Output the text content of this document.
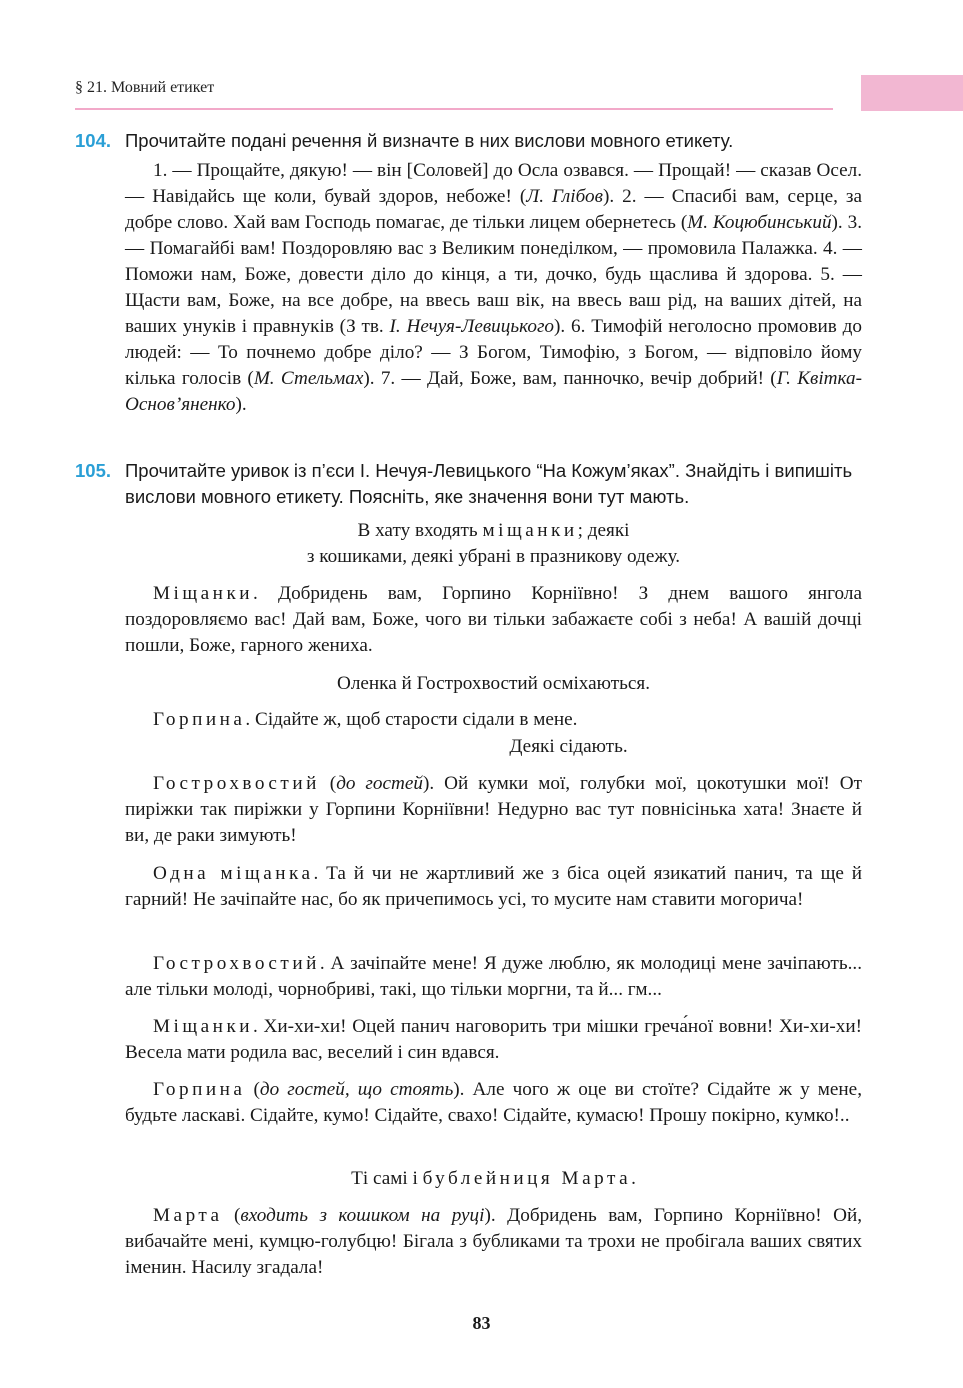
§ 21. Мовний етикет
104. Прочитайте подані речення й визначте в них вислови мовного етикету.

1. — Прощайте, дякую! — він [Соловей] до Осла озвався. — Прощай! — сказав Осел. — Навідайсь ще коли, бувай здоров, небоже! (Л. Глібов). 2. — Спасибі вам, серце, за добре слово. Хай вам Господь помагає, де тільки лицем обернетесь (М. Коцюбинський). 3. — Помагайбі вам! Поздоровляю вас з Великим понеділком, — промовила Палажка. 4. — Поможи нам, Боже, довести діло до кінця, а ти, дочко, будь щаслива й здорова. 5. — Щасти вам, Боже, на все добре, на ввесь ваш вік, на ввесь ваш рід, на ваших дітей, на ваших унуків і правнуків (З тв. І. Нечуя-Левицького). 6. Тимофій неголосно промовив до людей: — То почнемо добре діло? — З Богом, Тимофію, з Богом, — відповіло йому кілька голосів (М. Стельмах). 7. — Дай, Боже, вам, панночко, вечір добрий! (Г. Квітка-Основ’яненко).

105. Прочитайте уривок із п’єси І. Нечуя-Левицького “На Кожум’яках”. Знайдіть і випишіть вислови мовного етикету. Поясніть, яке значення вони тут мають.

В хату входять міщанки; деякі
з кошиками, деякі убрані в празникову одежу.

Міщанки. Добридень вам, Горпино Корніївно! З днем вашого янгола поздоровляємо вас! Дай вам, Боже, чого ви тільки забажаєте собі з неба! А вашій дочці пошли, Боже, гарного жениха.

Оленка й Гострохвостий осміхаються.

Горпина. Сідайте ж, щоб старости сідали в мене.

Деякі сідають.

Гострохвостий (до гостей). Ой кумки мої, голубки мої, цокотушки мої! От пиріжки так пиріжки у Горпини Корніївни! Недурно вас тут повнісінька хата! Знаєте й ви, де раки зимують!

Одна міщанка. Та й чи не жартливий же з біса оцей язикатий панич, та ще й гарний! Не зачіпайте нас, бо як причепимось усі, то мусите нам ставити могорича!

Гострохвостий. А зачіпайте мене! Я дуже люблю, як молодиці мене зачіпають... але тільки молоді, чорнобриві, такі, що тільки моргни, та й... гм...

Міщанки. Хи-хи-хи! Оцей панич наговорить три мішки греча́ної вовни! Хи-хи-хи! Весела мати родила вас, веселий і син вдався.

Горпина (до гостей, що стоять). Але чого ж оце ви стоїте? Сідайте ж у мене, будьте ласкаві. Сідайте, кумо! Сідайте, свахо! Сідайте, кумасю! Прошу покірно, кумко!..

Ті самі і бублейниця Марта.

Марта (входить з кошиком на руці). Добридень вам, Горпино Корніївно! Ой, вибачайте мені, кумцю-голубцю! Бігала з бубликами та трохи не пробігала ваших святих іменин. Насилу згадала!

83
